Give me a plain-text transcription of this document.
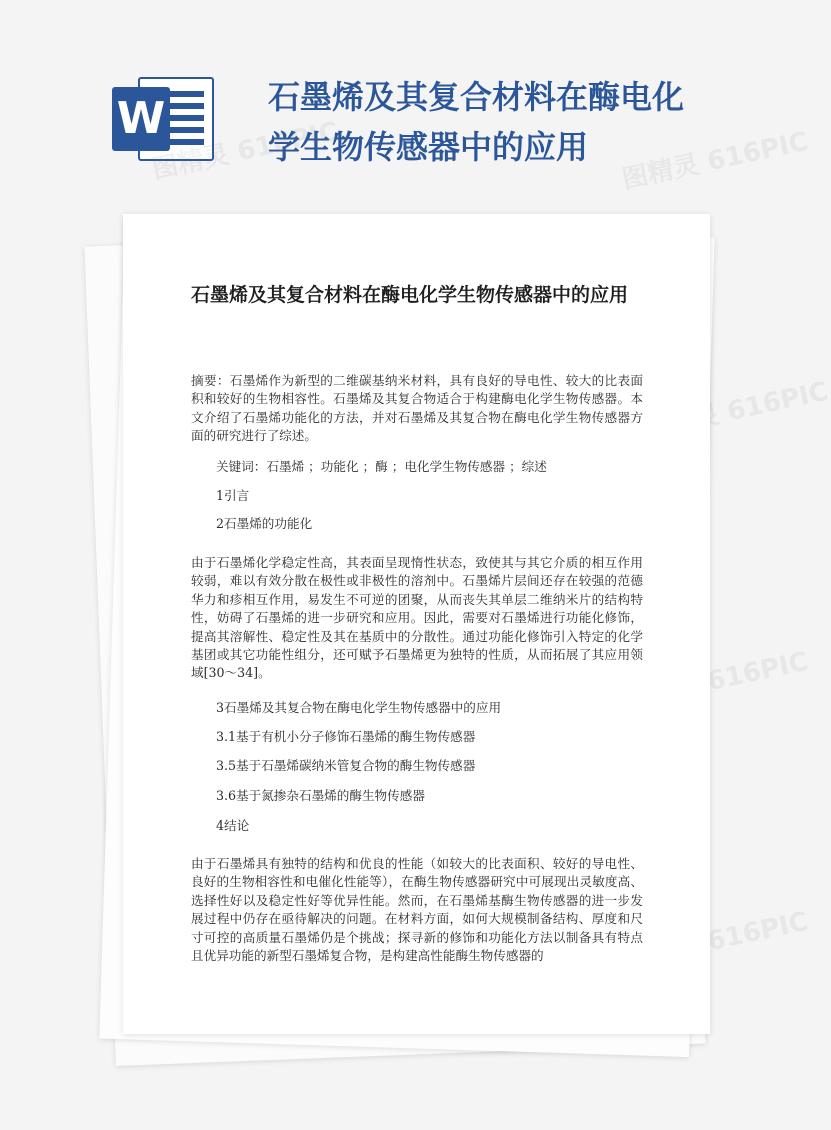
W	石墨烯及其复合材料在酶电化学生物传感器中的应用
图精灵 616PIC	图精灵 616PIC
图精灵 616PIC
图精灵 616PIC
图精灵 616PIC
石墨烯及其复合材料在酶电化学生物传感器中的应用

摘要：石墨烯作为新型的二维碳基纳米材料，具有良好的导电性、较大的比表面积和较好的生物相容性。石墨烯及其复合物适合于构建酶电化学生物传感器。本文介绍了石墨烯功能化的方法，并对石墨烯及其复合物在酶电化学生物传感器方面的研究进行了综述。

关键词：石墨烯 ；功能化 ；酶 ；电化学生物传感器 ；综述

1引言

2石墨烯的功能化

由于石墨烯化学稳定性高，其表面呈现惰性状态，致使其与其它介质的相互作用较弱，难以有效分散在极性或非极性的溶剂中。石墨烯片层间还存在较强的范德华力和疹相互作用，易发生不可逆的团聚，从而丧失其单层二维纳米片的结构特性，妨碍了石墨烯的进一步研究和应用。因此，需要对石墨烯进行功能化修饰，提高其溶解性、稳定性及其在基质中的分散性。通过功能化修饰引入特定的化学基团或其它功能性组分，还可赋予石墨烯更为独特的性质，从而拓展了其应用领域[30～34]。

3石墨烯及其复合物在酶电化学生物传感器中的应用

3.1基于有机小分子修饰石墨烯的酶生物传感器

3.5基于石墨烯碳纳米管复合物的酶生物传感器

3.6基于氮掺杂石墨烯的酶生物传感器

4结论

由于石墨烯具有独特的结构和优良的性能（如较大的比表面积、较好的导电性、良好的生物相容性和电催化性能等），在酶生物传感器研究中可展现出灵敏度高、选择性好以及稳定性好等优异性能。然而，在石墨烯基酶生物传感器的进一步发展过程中仍存在亟待解决的问题。在材料方面，如何大规模制备结构、厚度和尺寸可控的高质量石墨烯仍是个挑战；探寻新的修饰和功能化方法以制备具有特点且优异功能的新型石墨烯复合物，是构建高性能酶生物传感器的
